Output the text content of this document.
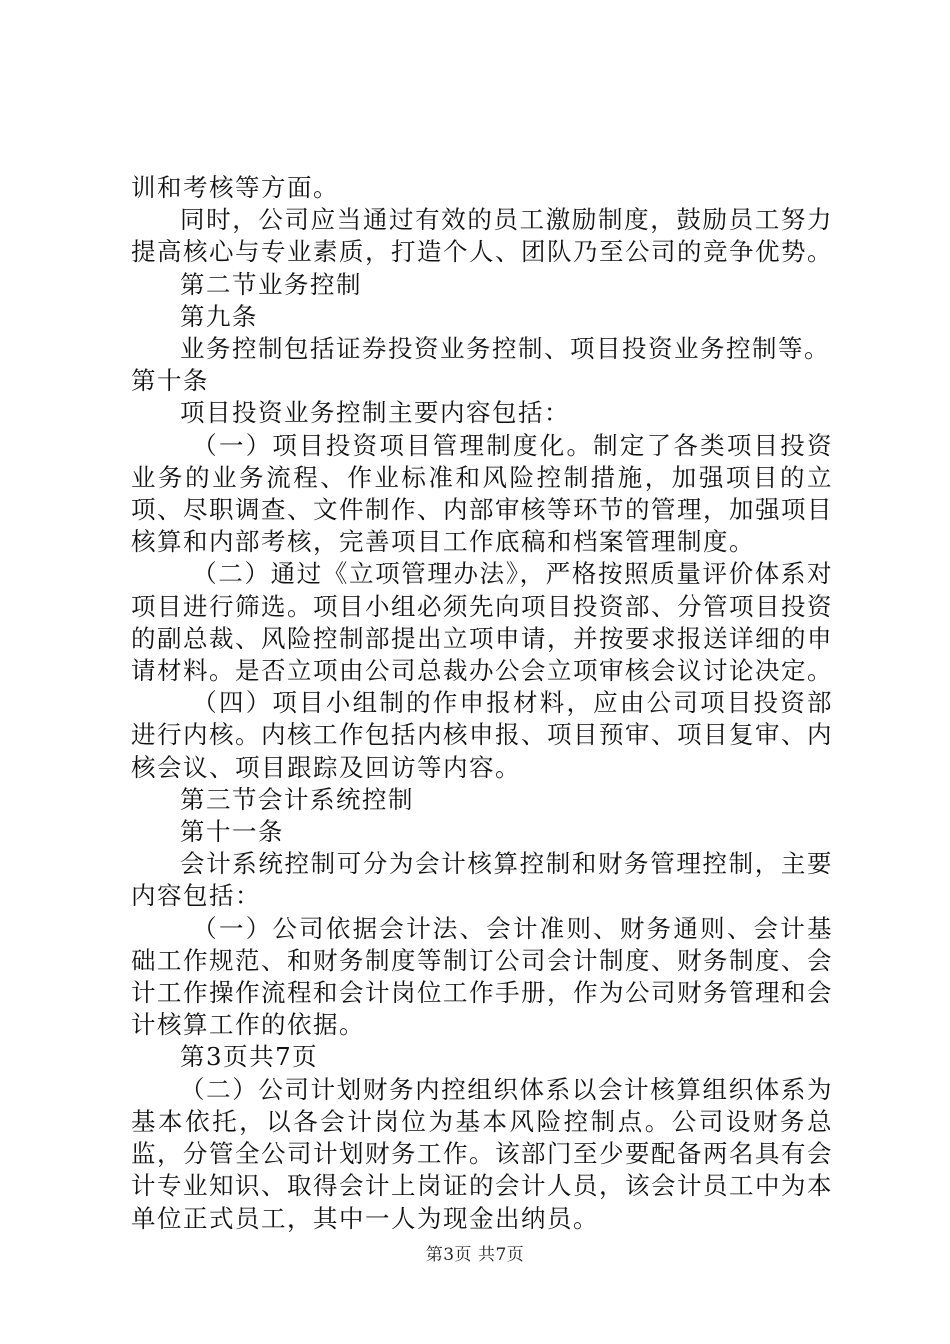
训和考核等方面。

同时，公司应当通过有效的员工激励制度，鼓励员工努力提高核心与专业素质，打造个人、团队乃至公司的竞争优势。

第二节业务控制

第九条

业务控制包括证券投资业务控制、项目投资业务控制等。

第十条

项目投资业务控制主要内容包括：

（一）项目投资项目管理制度化。制定了各类项目投资业务的业务流程、作业标准和风险控制措施，加强项目的立项、尽职调查、文件制作、内部审核等环节的管理，加强项目核算和内部考核，完善项目工作底稿和档案管理制度。

（二）通过《立项管理办法》，严格按照质量评价体系对项目进行筛选。项目小组必须先向项目投资部、分管项目投资的副总裁、风险控制部提出立项申请，并按要求报送详细的申请材料。是否立项由公司总裁办公会立项审核会议讨论决定。

（四）项目小组制的作申报材料，应由公司项目投资部进行内核。内核工作包括内核申报、项目预审、项目复审、内核会议、项目跟踪及回访等内容。

第三节会计系统控制

第十一条

会计系统控制可分为会计核算控制和财务管理控制，主要内容包括：

（一）公司依据会计法、会计准则、财务通则、会计基础工作规范、和财务制度等制订公司会计制度、财务制度、会计工作操作流程和会计岗位工作手册，作为公司财务管理和会计核算工作的依据。

第3页共7页

（二）公司计划财务内控组织体系以会计核算组织体系为基本依托，以各会计岗位为基本风险控制点。公司设财务总监，分管全公司计划财务工作。该部门至少要配备两名具有会计专业知识、取得会计上岗证的会计人员，该会计员工中为本单位正式员工，其中一人为现金出纳员。

第3页 共7页
